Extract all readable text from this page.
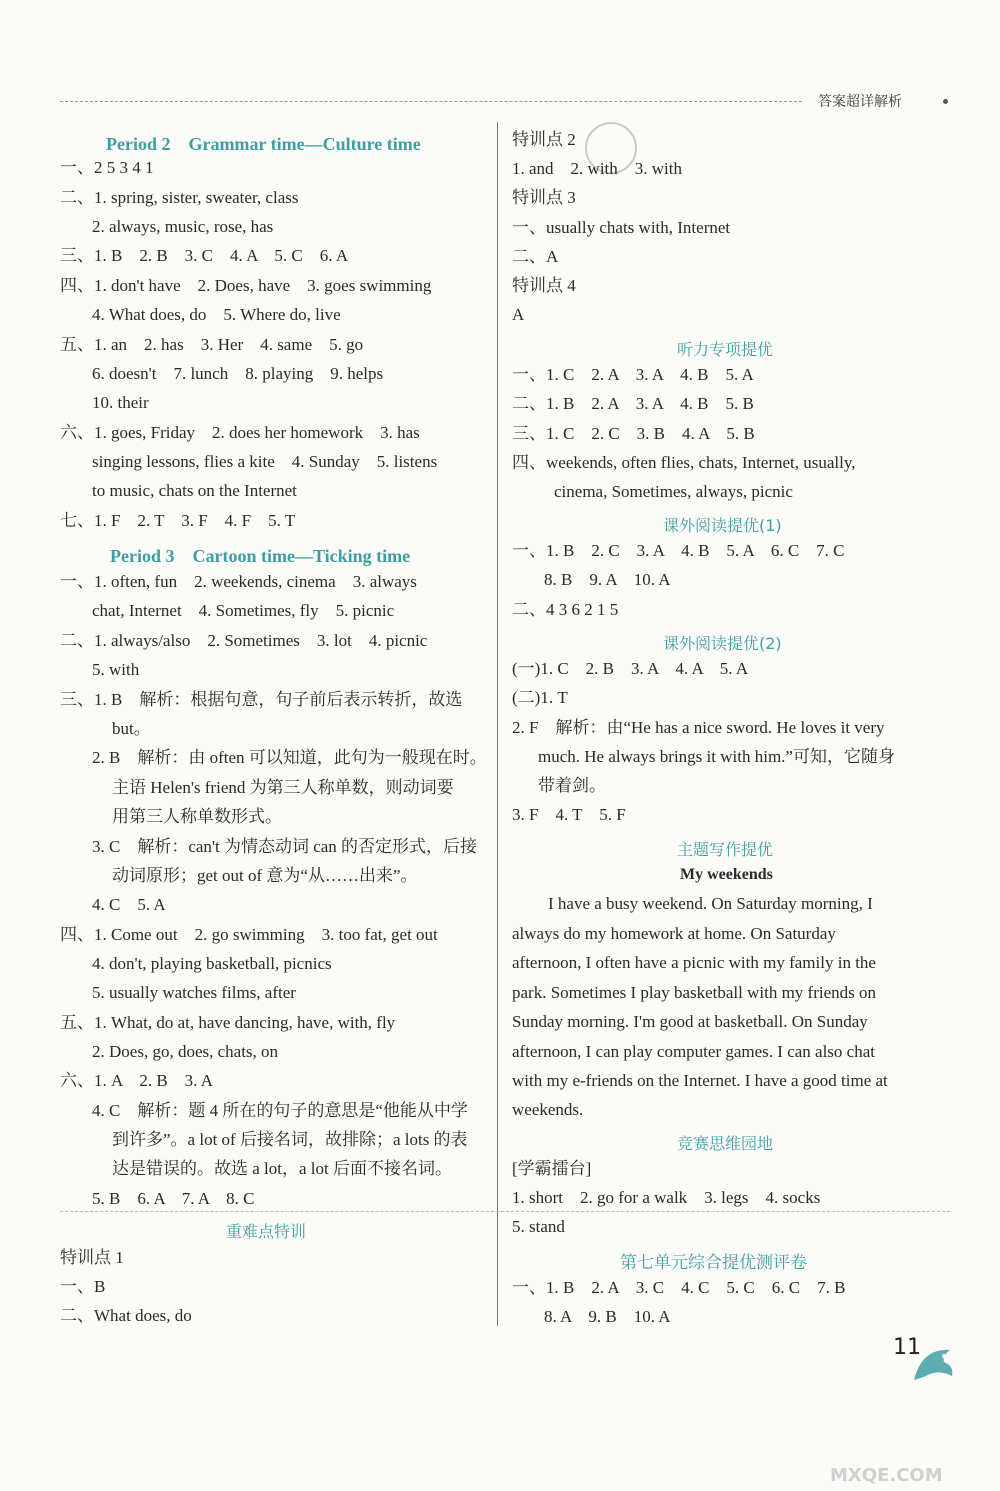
答案超详解析
Period 2　Grammar time—Culture time
一、2 5 3 4 1
二、1. spring, sister, sweater, class
2. always, music, rose, has
三、1. B　2. B　3. C　4. A　5. C　6. A
四、1. don't have　2. Does, have　3. goes swimming
4. What does, do　5. Where do, live
五、1. an　2. has　3. Her　4. same　5. go
6. doesn't　7. lunch　8. playing　9. helps
10. their
六、1. goes, Friday　2. does her homework　3. has
singing lessons, flies a kite　4. Sunday　5. listens
to music, chats on the Internet
七、1. F　2. T　3. F　4. F　5. T
Period 3　Cartoon time—Ticking time
一、1. often, fun　2. weekends, cinema　3. always
chat, Internet　4. Sometimes, fly　5. picnic
二、1. always/also　2. Sometimes　3. lot　4. picnic
5. with
三、1. B　解析：根据句意，句子前后表示转折，故选
but。
2. B　解析：由 often 可以知道，此句为一般现在时。
主语 Helen's friend 为第三人称单数，则动词要
用第三人称单数形式。
3. C　解析：can't 为情态动词 can 的否定形式，后接
动词原形；get out of 意为“从……出来”。
4. C　5. A
四、1. Come out　2. go swimming　3. too fat, get out
4. don't, playing basketball, picnics
5. usually watches films, after
五、1. What, do at, have dancing, have, with, fly
2. Does, go, does, chats, on
六、1. A　2. B　3. A
4. C　解析：题 4 所在的句子的意思是“他能从中学
到许多”。a lot of 后接名词，故排除；a lots 的表
达是错误的。故选 a lot，a lot 后面不接名词。
5. B　6. A　7. A　8. C
重难点特训
特训点 1
一、B
二、What does, do
特训点 2
1. and　2. with　3. with
特训点 3
一、usually chats with, Internet
二、A
特训点 4
A
听力专项提优
一、1. C　2. A　3. A　4. B　5. A
二、1. B　2. A　3. A　4. B　5. B
三、1. C　2. C　3. B　4. A　5. B
四、weekends, often flies, chats, Internet, usually,
cinema, Sometimes, always, picnic
课外阅读提优(1)
一、1. B　2. C　3. A　4. B　5. A　6. C　7. C
8. B　9. A　10. A
二、4 3 6 2 1 5
课外阅读提优(2)
(一)1. C　2. B　3. A　4. A　5. A
(二)1. T
2. F　解析：由“He has a nice sword. He loves it very
much. He always brings it with him.”可知，它随身
带着剑。
3. F　4. T　5. F
主题写作提优
My weekends
I have a busy weekend. On Saturday morning, I
always do my homework at home. On Saturday
afternoon, I often have a picnic with my family in the
park. Sometimes I play basketball with my friends on
Sunday morning. I'm good at basketball. On Sunday
afternoon, I can play computer games. I can also chat
with my e-friends on the Internet. I have a good time at
weekends.
竞赛思维园地
[学霸擂台]
1. short　2. go for a walk　3. legs　4. socks
5. stand
第七单元综合提优测评卷
一、1. B　2. A　3. C　4. C　5. C　6. C　7. B
8. A　9. B　10. A
11
MXQE.COM
